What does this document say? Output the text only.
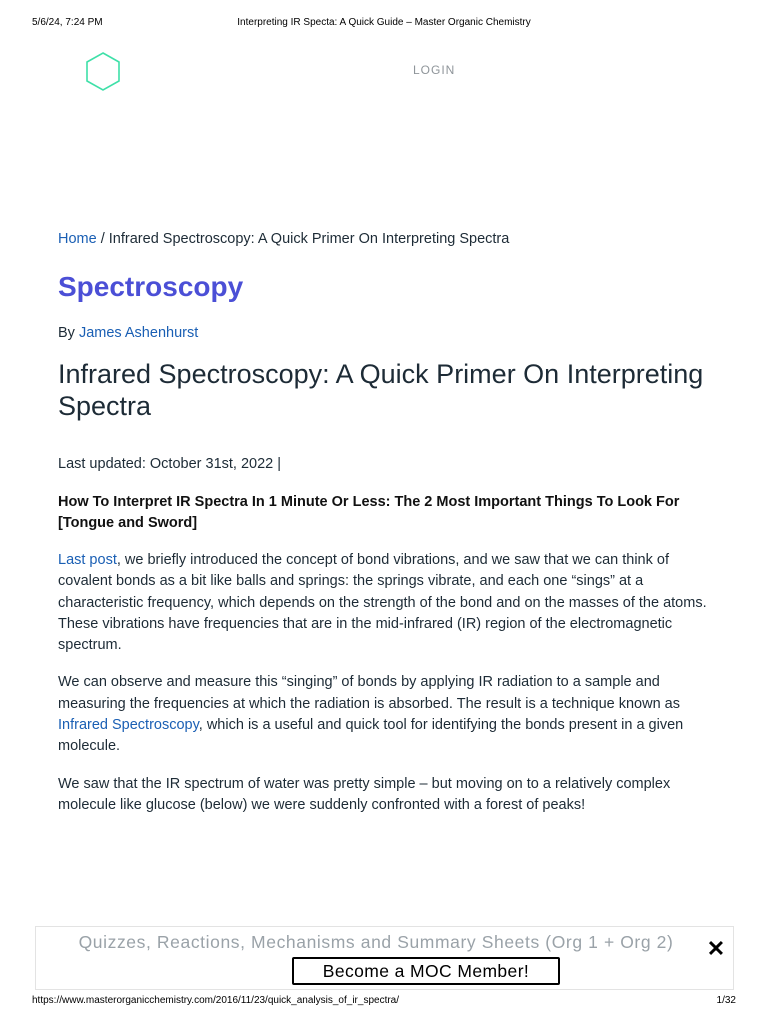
5/6/24, 7:24 PM	Interpreting IR Specta: A Quick Guide – Master Organic Chemistry
LOGIN
Home / Infrared Spectroscopy: A Quick Primer On Interpreting Spectra
Spectroscopy
By James Ashenhurst
Infrared Spectroscopy: A Quick Primer On Interpreting Spectra
Last updated: October 31st, 2022 |
How To Interpret IR Spectra In 1 Minute Or Less: The 2 Most Important Things To Look For [Tongue and Sword]

Last post, we briefly introduced the concept of bond vibrations, and we saw that we can think of covalent bonds as a bit like balls and springs: the springs vibrate, and each one “sings” at a characteristic frequency, which depends on the strength of the bond and on the masses of the atoms. These vibrations have frequencies that are in the mid-infrared (IR) region of the electromagnetic spectrum.

We can observe and measure this “singing” of bonds by applying IR radiation to a sample and measuring the frequencies at which the radiation is absorbed. The result is a technique known as Infrared Spectroscopy, which is a useful and quick tool for identifying the bonds present in a given molecule.

We saw that the IR spectrum of water was pretty simple – but moving on to a relatively complex molecule like glucose (below) we were suddenly confronted with a forest of peaks!

Quizzes, Reactions, Mechanisms and Summary Sheets (Org 1 + Org 2)
Become a MOC Member!
✕
https://www.masterorganicchemistry.com/2016/11/23/quick_analysis_of_ir_spectra/	1/32
